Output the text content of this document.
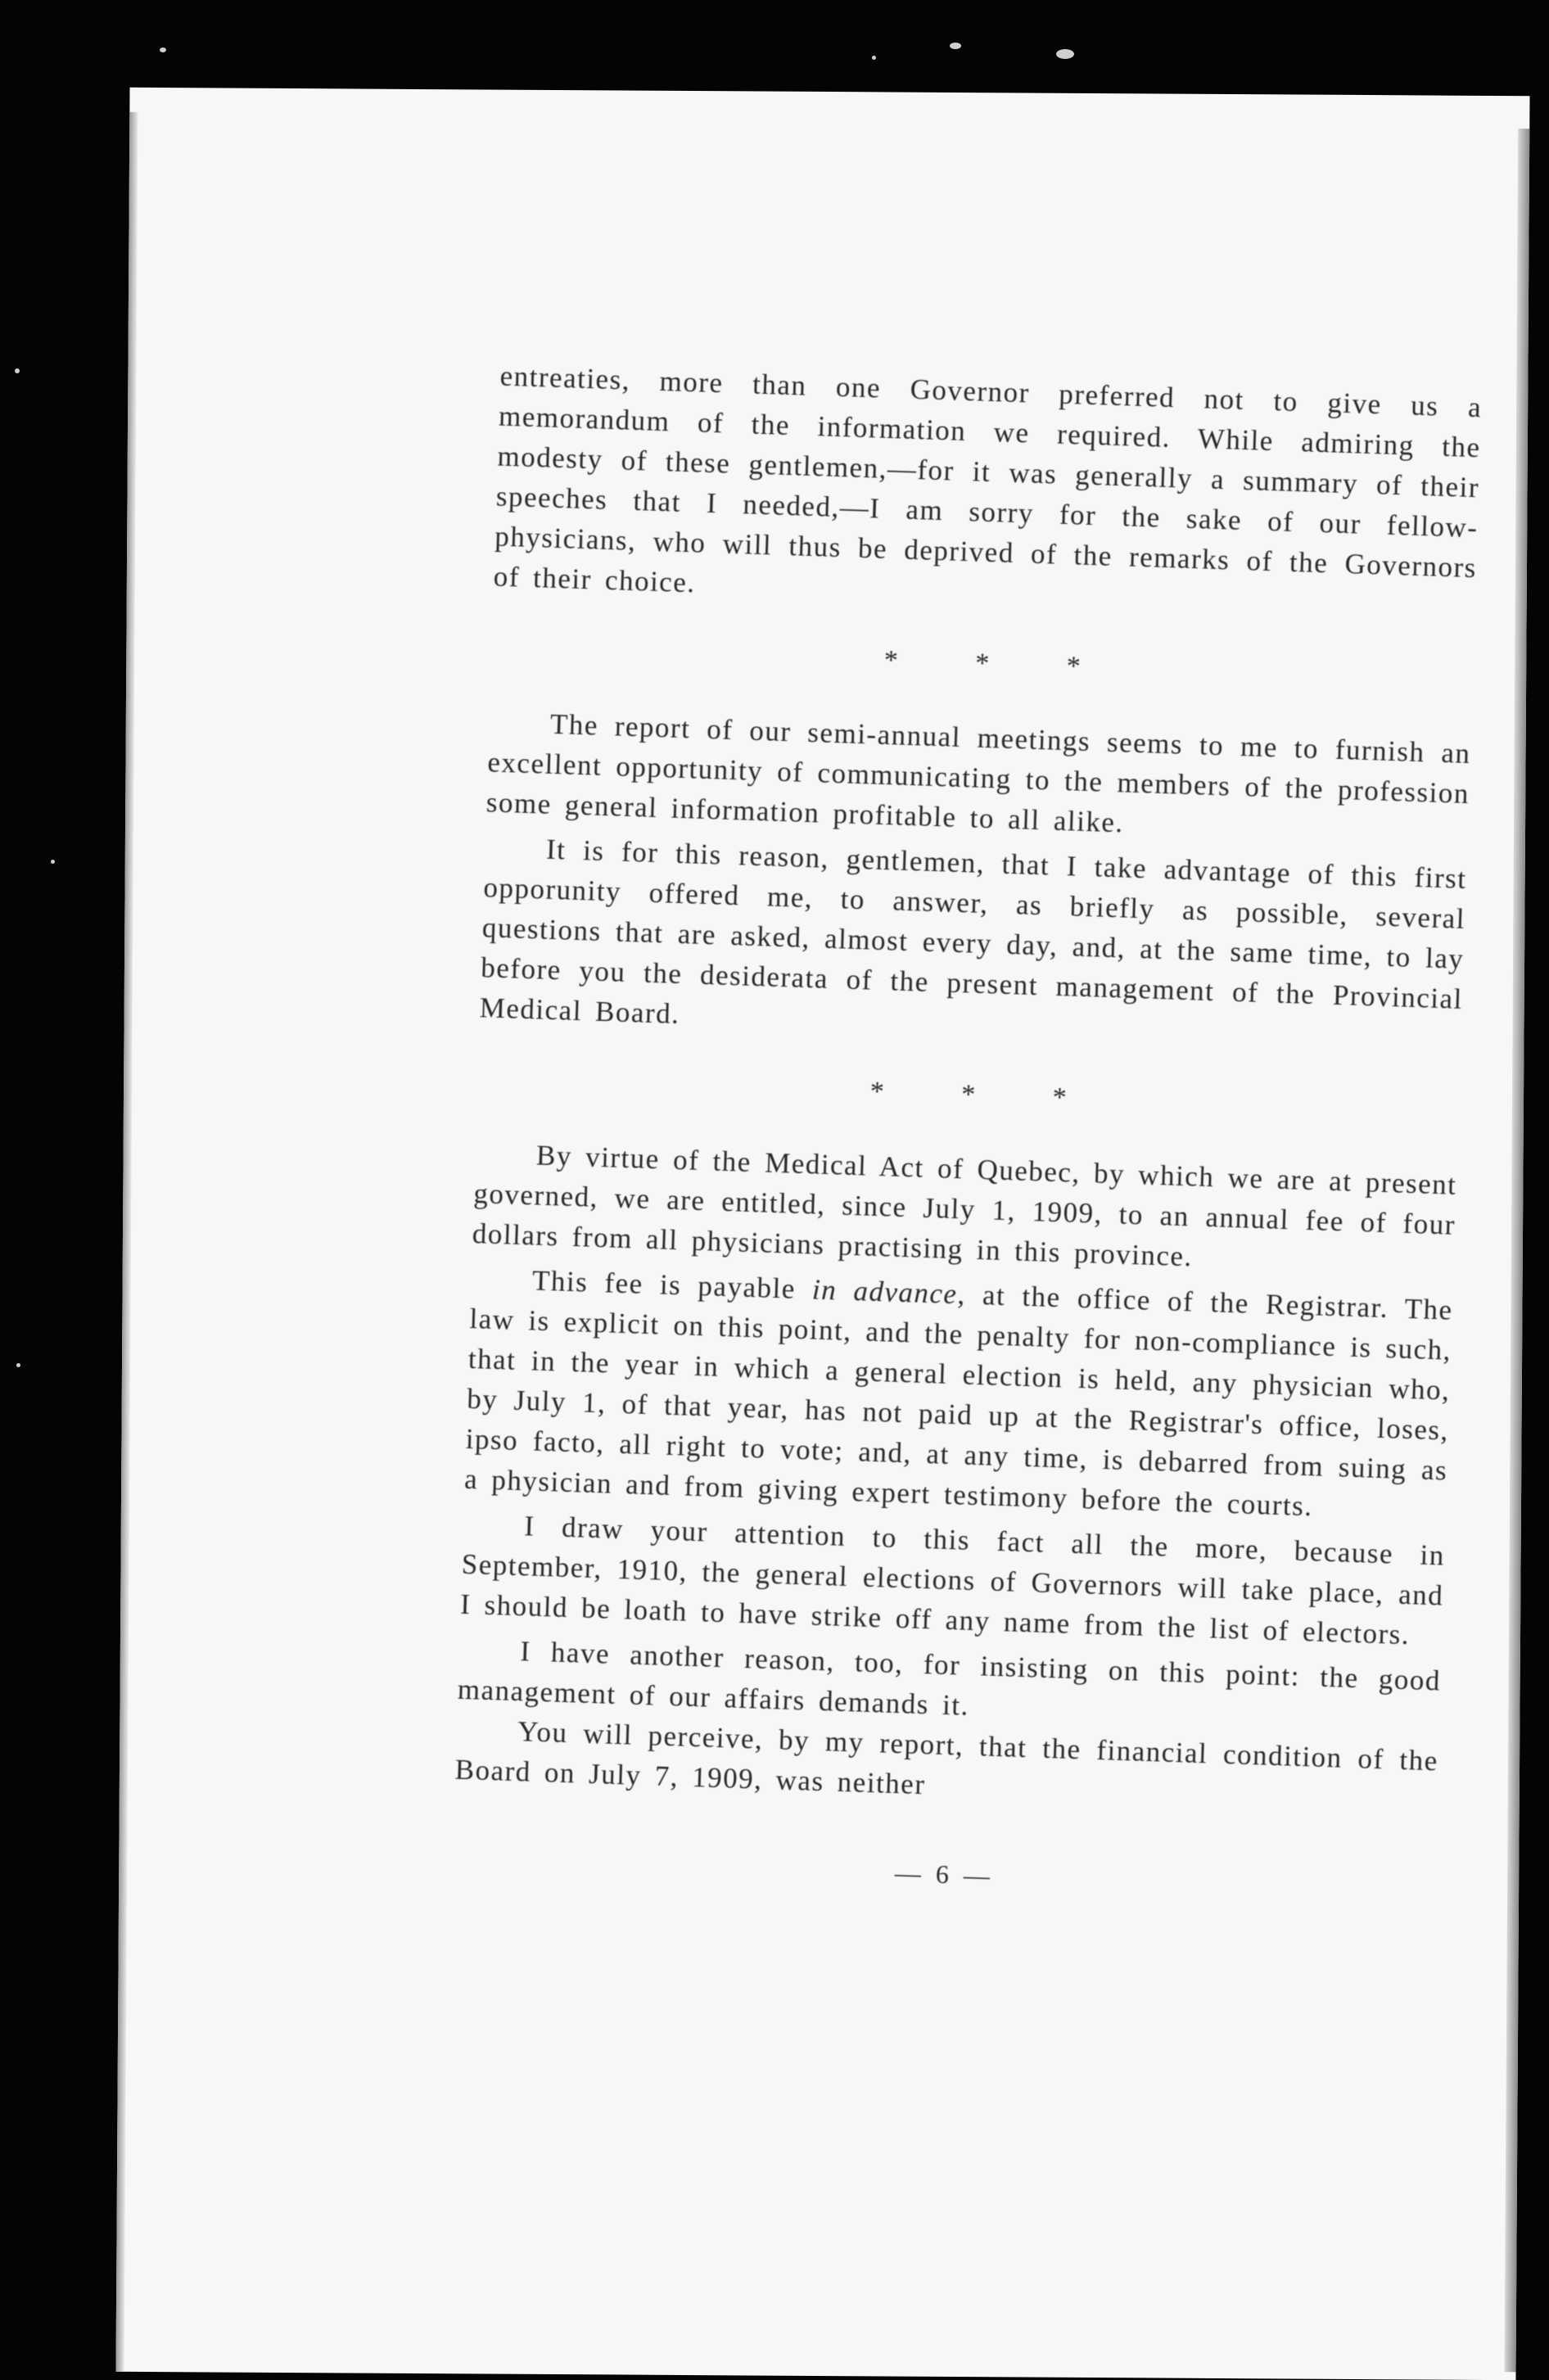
entreaties, more than one Governor preferred not to give us a memorandum of the information we required. While admiring the modesty of these gentlemen,—for it was generally a summary of their speeches that I needed,—I am sorry for the sake of our fellow-physicians, who will thus be deprived of the remarks of the Governors of their choice.

* * *

The report of our semi-annual meetings seems to me to furnish an excellent opportunity of communicating to the members of the profession some general information profitable to all alike.

It is for this reason, gentlemen, that I take advantage of this first opporunity offered me, to answer, as briefly as possible, several questions that are asked, almost every day, and, at the same time, to lay before you the desiderata of the present management of the Provincial Medical Board.

* * *

By virtue of the Medical Act of Quebec, by which we are at present governed, we are entitled, since July 1, 1909, to an annual fee of four dollars from all physicians practising in this province.

This fee is payable in advance, at the office of the Registrar. The law is explicit on this point, and the penalty for non-compliance is such, that in the year in which a general election is held, any physician who, by July 1, of that year, has not paid up at the Registrar's office, loses, ipso facto, all right to vote; and, at any time, is debarred from suing as a physician and from giving expert testimony before the courts.

I draw your attention to this fact all the more, because in September, 1910, the general elections of Governors will take place, and I should be loath to have strike off any name from the list of electors.

I have another reason, too, for insisting on this point: the good management of our affairs demands it.

You will perceive, by my report, that the financial condition of the Board on July 7, 1909, was neither

— 6 —
